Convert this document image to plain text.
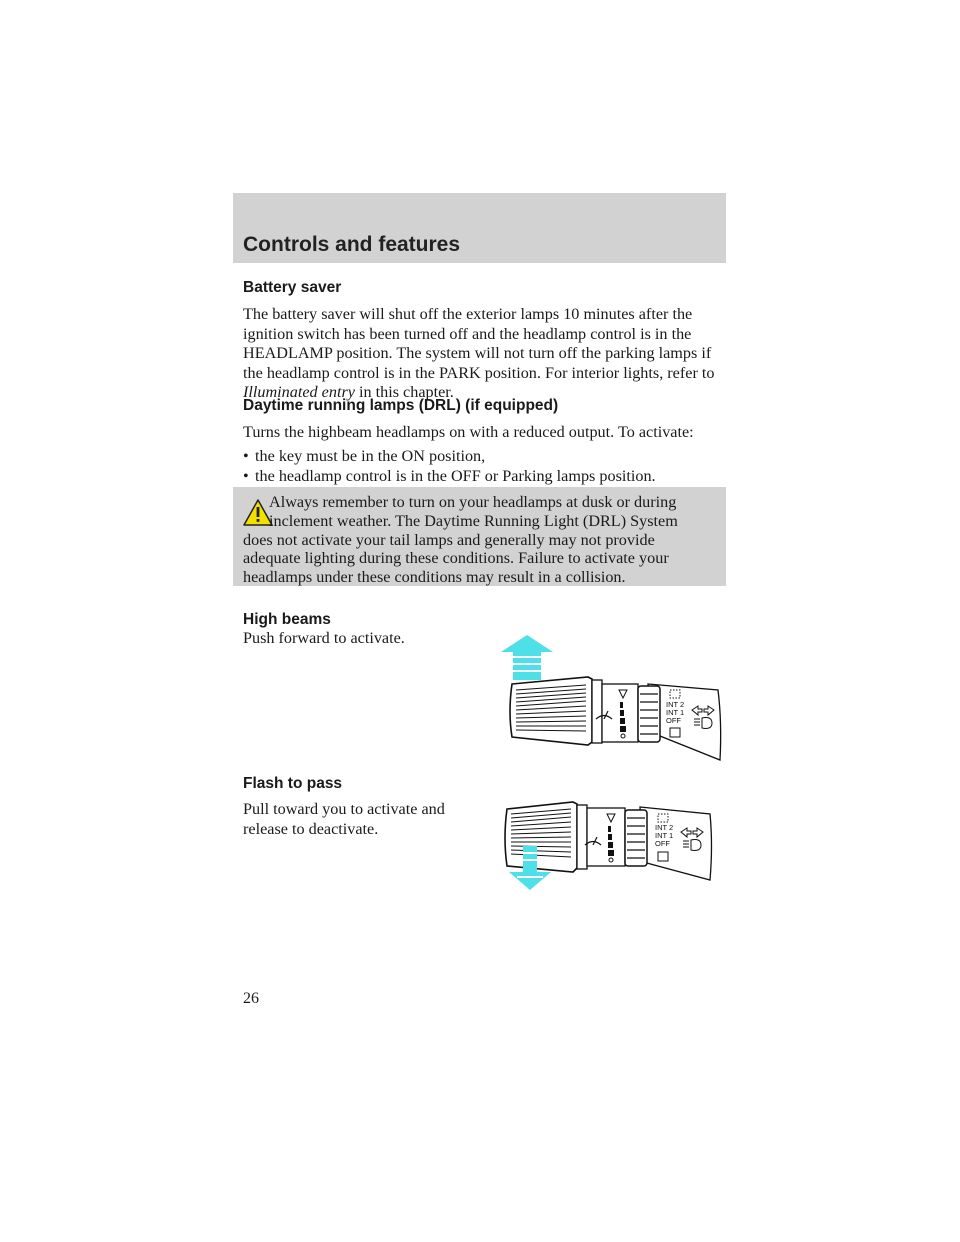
Controls and features
Battery saver
The battery saver will shut off the exterior lamps 10 minutes after the
ignition switch has been turned off and the headlamp control is in the
HEADLAMP position. The system will not turn off the parking lamps if
the headlamp control is in the PARK position. For interior lights, refer to
Illuminated entry in this chapter.
Daytime running lamps (DRL) (if equipped)
Turns the highbeam headlamps on with a reduced output. To activate:
• the key must be in the ON position,
• the headlamp control is in the OFF or Parking lamps position.
Always remember to turn on your headlamps at dusk or during
inclement weather. The Daytime Running Light (DRL) System
does not activate your tail lamps and generally may not provide
adequate lighting during these conditions. Failure to activate your
headlamps under these conditions may result in a collision.
High beams
Push forward to activate.
INT 2
INT 1
OFF
Flash to pass
Pull toward you to activate and
release to deactivate.	INT 2
INT 1
OFF
26
